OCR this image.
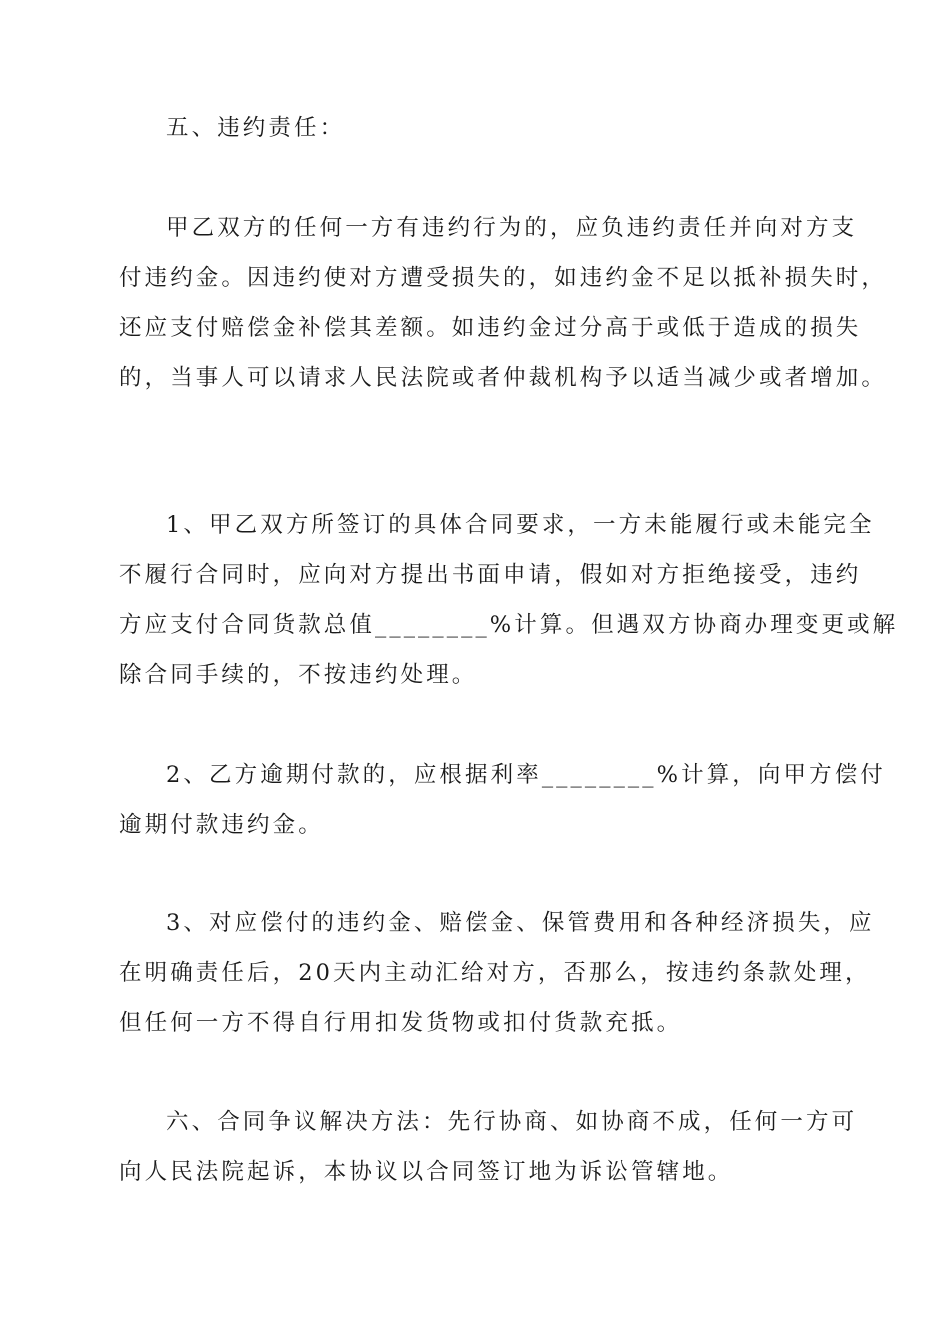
五、违约责任：

甲乙双方的任何一方有违约行为的，应负违约责任并向对方支
付违约金。因违约使对方遭受损失的，如违约金不足以抵补损失时，
还应支付赔偿金补偿其差额。如违约金过分高于或低于造成的损失
的，当事人可以请求人民法院或者仲裁机构予以适当减少或者增加。

1、甲乙双方所签订的具体合同要求，一方未能履行或未能完全
不履行合同时，应向对方提出书面申请，假如对方拒绝接受，违约
方应支付合同货款总值________%计算。但遇双方协商办理变更或解
除合同手续的，不按违约处理。

2、乙方逾期付款的，应根据利率________%计算，向甲方偿付
逾期付款违约金。

3、对应偿付的违约金、赔偿金、保管费用和各种经济损失，应
在明确责任后，20天内主动汇给对方，否那么，按违约条款处理，
但任何一方不得自行用扣发货物或扣付货款充抵。

六、合同争议解决方法：先行协商、如协商不成，任何一方可
向人民法院起诉，本协议以合同签订地为诉讼管辖地。
